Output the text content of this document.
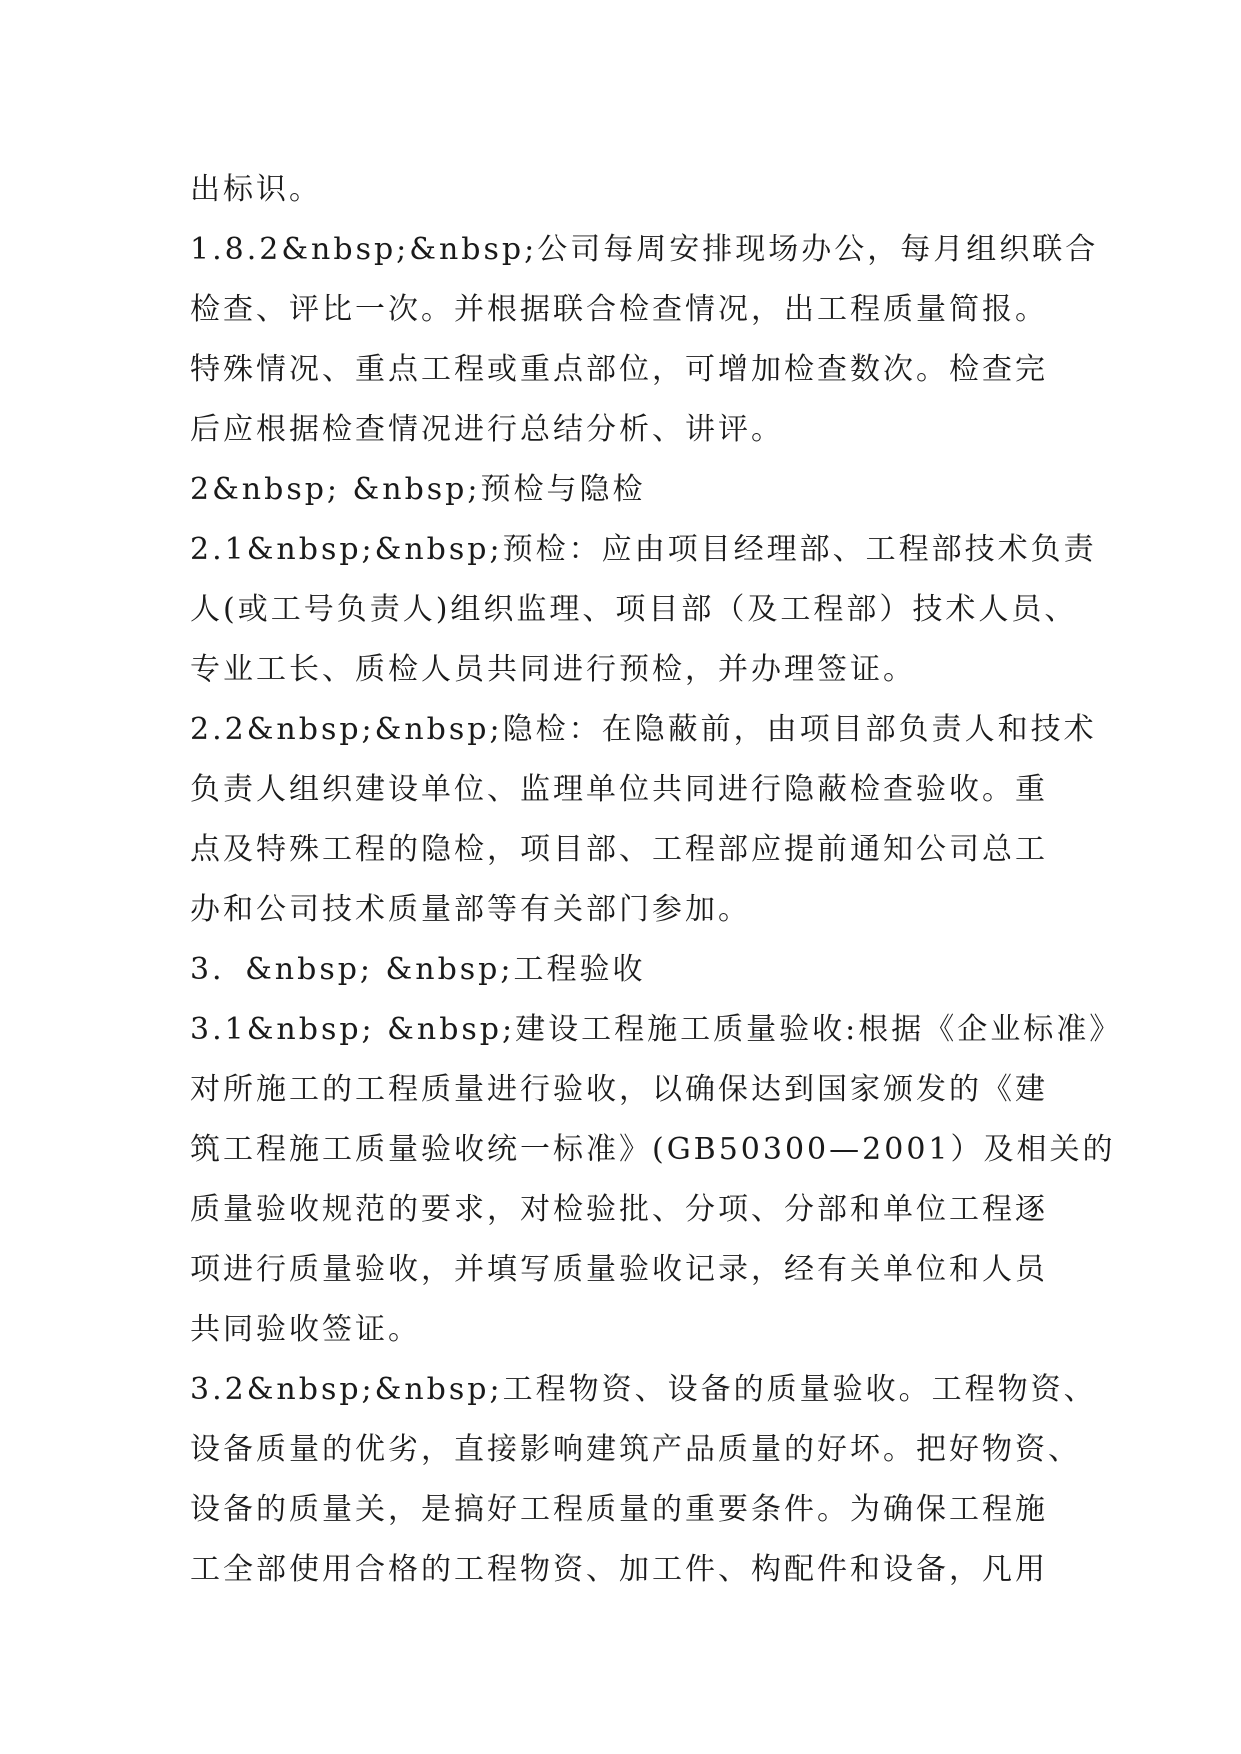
出标识。
1.8.2&nbsp;&nbsp;公司每周安排现场办公，每月组织联合
检查、评比一次。并根据联合检查情况，出工程质量简报。
特殊情况、重点工程或重点部位，可增加检查数次。检查完
后应根据检查情况进行总结分析、讲评。
2&nbsp; &nbsp;预检与隐检
2.1&nbsp;&nbsp;预检：应由项目经理部、工程部技术负责
人(或工号负责人)组织监理、项目部（及工程部）技术人员、
专业工长、质检人员共同进行预检，并办理签证。
2.2&nbsp;&nbsp;隐检：在隐蔽前，由项目部负责人和技术
负责人组织建设单位、监理单位共同进行隐蔽检查验收。重
点及特殊工程的隐检，项目部、工程部应提前通知公司总工
办和公司技术质量部等有关部门参加。
3．&nbsp; &nbsp;工程验收
3.1&nbsp; &nbsp;建设工程施工质量验收:根据《企业标准》
对所施工的工程质量进行验收，以确保达到国家颁发的《建
筑工程施工质量验收统一标准》(GB50300—2001）及相关的
质量验收规范的要求，对检验批、分项、分部和单位工程逐
项进行质量验收，并填写质量验收记录，经有关单位和人员
共同验收签证。
3.2&nbsp;&nbsp;工程物资、设备的质量验收。工程物资、
设备质量的优劣，直接影响建筑产品质量的好坏。把好物资、
设备的质量关，是搞好工程质量的重要条件。为确保工程施
工全部使用合格的工程物资、加工件、构配件和设备，凡用
